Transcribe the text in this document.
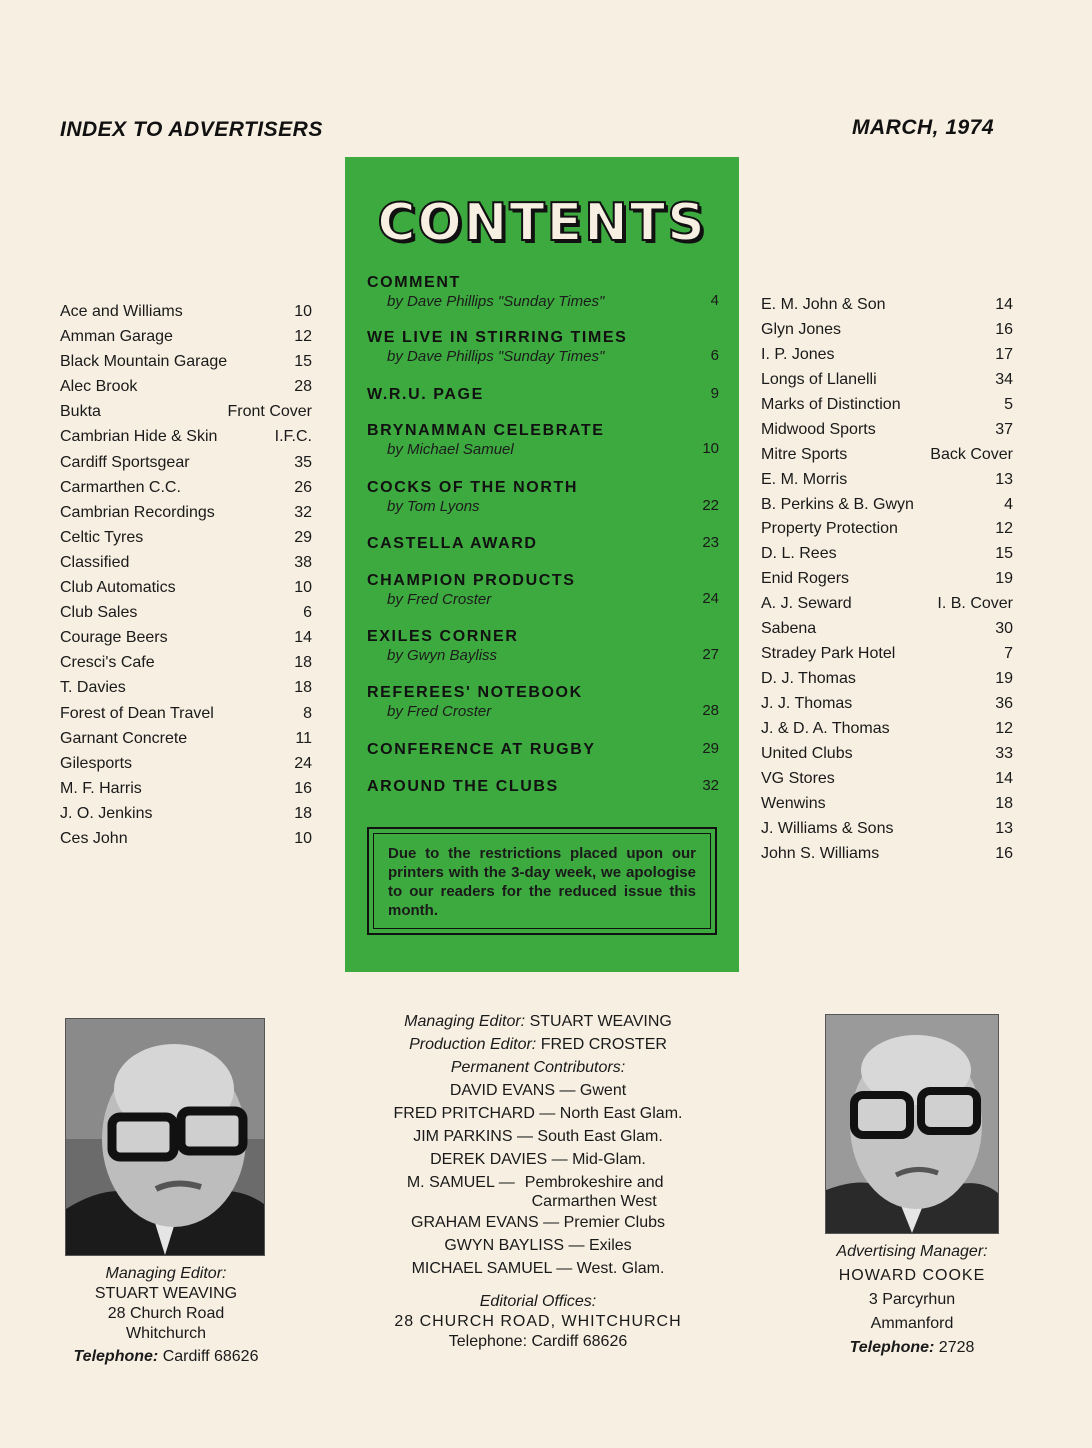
INDEX TO ADVERTISERS	MARCH, 1974
Ace and Williams	10
Amman Garage	12
Black Mountain Garage	15
Alec Brook	28
Bukta	Front Cover
Cambrian Hide & Skin	I.F.C.
Cardiff Sportsgear	35
Carmarthen C.C.	26
Cambrian Recordings	32
Celtic Tyres	29
Classified	38
Club Automatics	10
Club Sales	6
Courage Beers	14
Cresci's Cafe	18
T. Davies	18
Forest of Dean Travel	8
Garnant Concrete	11
Gilesports	24
M. F. Harris	16
J. O. Jenkins	18
Ces John	10
E. M. John & Son	14
Glyn Jones	16
I. P. Jones	17
Longs of Llanelli	34
Marks of Distinction	5
Midwood Sports	37
Mitre Sports	Back Cover
E. M. Morris	13
B. Perkins & B. Gwyn	4
Property Protection	12
D. L. Rees	15
Enid Rogers	19
A. J. Seward	I. B. Cover
Sabena	30
Stradey Park Hotel	7
D. J. Thomas	19
J. J. Thomas	36
J. & D. A. Thomas	12
United Clubs	33
VG Stores	14
Wenwins	18
J. Williams & Sons	13
John S. Williams	16
CONTENTS
COMMENT
by Dave Phillips "Sunday Times"	4
WE LIVE IN STIRRING TIMES
by Dave Phillips "Sunday Times"	6
W.R.U. PAGE	9
BRYNAMMAN CELEBRATE
by Michael Samuel	10
COCKS OF THE NORTH
by Tom Lyons	22
CASTELLA AWARD	23
CHAMPION PRODUCTS
by Fred Croster	24
EXILES CORNER
by Gwyn Bayliss	27
REFEREES' NOTEBOOK
by Fred Croster	28
CONFERENCE AT RUGBY	29
AROUND THE CLUBS	32
Due to the restrictions placed upon our printers with the 3-day week, we apologise to our readers for the reduced issue this month.
Managing Editor:
STUART WEAVING
28 Church Road
Whitchurch
Telephone: Cardiff 68626
Managing Editor: STUART WEAVING
Production Editor: FRED CROSTER
Permanent Contributors:
DAVID EVANS — Gwent
FRED PRITCHARD — North East Glam.
JIM PARKINS — South East Glam.
DEREK DAVIES — Mid-Glam.
M. SAMUEL — Pembrokeshire and Carmarthen West
GRAHAM EVANS — Premier Clubs
GWYN BAYLISS — Exiles
MICHAEL SAMUEL — West. Glam.
Editorial Offices:
28 CHURCH ROAD, WHITCHURCH
Telephone: Cardiff 68626
Advertising Manager:
HOWARD COOKE
3 Parcyrhun
Ammanford
Telephone: 2728
